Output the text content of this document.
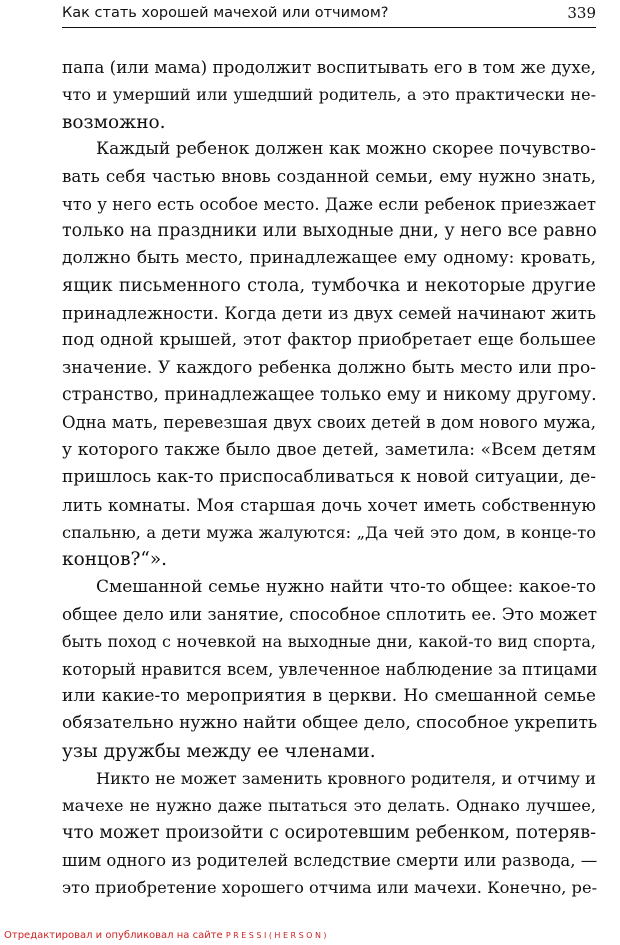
Как стать хорошей мачехой или отчимом?	339
папа (или мама) продолжит воспитывать его в том же духе,
что и умерший или ушедший родитель, а это практически не-
возможно.
Каждый ребенок должен как можно скорее почувство-
вать себя частью вновь созданной семьи, ему нужно знать,
что у него есть особое место. Даже если ребенок приезжает
только на праздники или выходные дни, у него все равно
должно быть место, принадлежащее ему одному: кровать,
ящик письменного стола, тумбочка и некоторые другие
принадлежности. Когда дети из двух семей начинают жить
под одной крышей, этот фактор приобретает еще большее
значение. У каждого ребенка должно быть место или про-
странство, принадлежащее только ему и никому другому.
Одна мать, перевезшая двух своих детей в дом нового мужа,
у которого также было двое детей, заметила: «Всем детям
пришлось как-то приспосабливаться к новой ситуации, де-
лить комнаты. Моя старшая дочь хочет иметь собственную
спальню, а дети мужа жалуются: „Да чей это дом, в конце-то
концов?“».
Смешанной семье нужно найти что-то общее: какое-то
общее дело или занятие, способное сплотить ее. Это может
быть поход с ночевкой на выходные дни, какой-то вид спорта,
который нравится всем, увлеченное наблюдение за птицами
или какие-то мероприятия в церкви. Но смешанной семье
обязательно нужно найти общее дело, способное укрепить
узы дружбы между ее членами.
Никто не может заменить кровного родителя, и отчиму и
мачехе не нужно даже пытаться это делать. Однако лучшее,
что может произойти с осиротевшим ребенком, потеряв-
шим одного из родителей вследствие смерти или развода, —
это приобретение хорошего отчима или мачехи. Конечно, ре-
Отредактировал и опубликовал на сайте PRESSI(HERSON)
